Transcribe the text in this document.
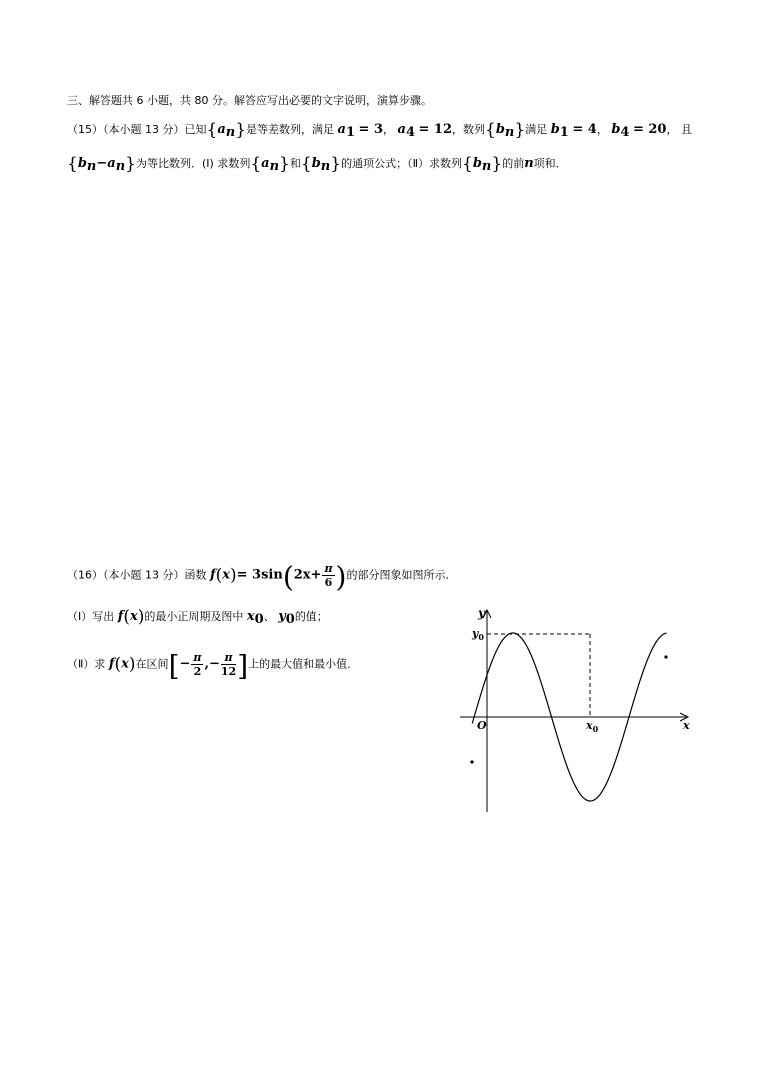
三、解答题共 6 小题，共 80 分。解答应写出必要的文字说明，演算步骤。
（15）（本小题 13 分）已知$\{a_n\}$是等差数列，满足 $a_1 = 3$， $a_4 = 12$，数列$\{b_n\}$满足 $b_1 = 4$， $b_4 = 20$， 且
$\{b_n-a_n\}$为等比数列．(Ⅰ) 求数列$\{a_n\}$和$\{b_n\}$的通项公式；（Ⅱ）求数列$\{b_n\}$的前n项和．
（16）（本小题 13 分）函数 $f(x)= 3\sin(2x+ \frac{\pi}{6}$ )的部分图象如图所示．
（Ⅰ）写出 f(x)的最小正周期及图中 $x_0$、 $y_0$的值；
（Ⅱ）求 f(x)在区间[− $\frac{\pi}{2}$ ,− $\frac{\pi}{12}$ ]上的最大值和最小值．
y
$y_0$
O	$x_0$	x
